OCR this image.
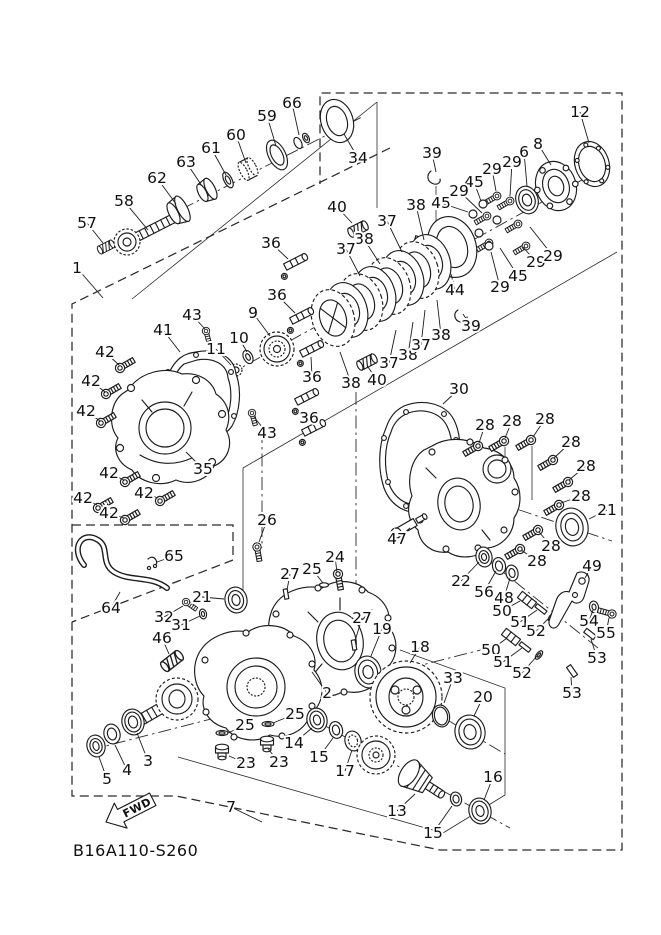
FWD
B16A110-S260
1
57
58
62
63
61
60
59
66
34
40	38
37
38
37
36
36
9
10
11
39
29 29
45
29
45
6 8
12
44 29
45
29
29
39
43
41
42
42
42
43
35
42
42
42
42
38 40
36
36
37 38
37
38
30
28 28 28
28
28
28
28
28
21
47
22
56 48
50
51
52
49
54
55
53
50
51
52
53
64
65
26
27 25
24
21
32
31
46
27
19
2
18
33
20
3
4
5
25
25
23 23
14
15
17
13
15
16
7
